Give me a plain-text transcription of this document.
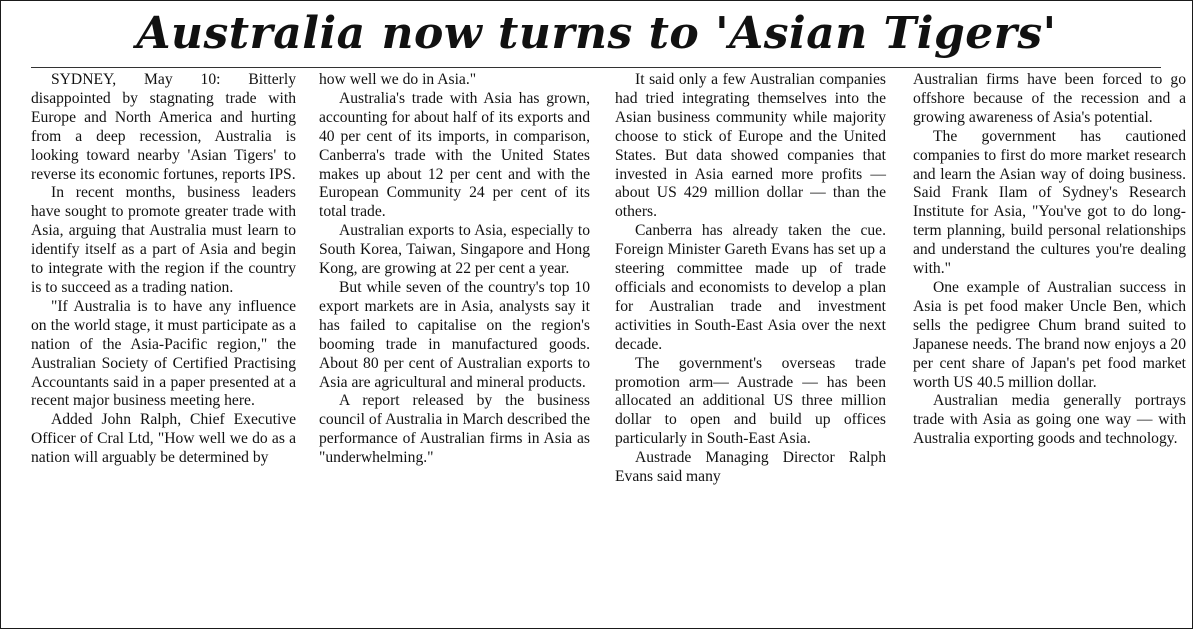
Australia now turns to 'Asian Tigers'

SYDNEY, May 10: Bitterly disappointed by stagnating trade with Europe and North America and hurting from a deep recession, Australia is looking toward nearby 'Asian Tigers' to reverse its economic fortunes, reports IPS.

In recent months, business leaders have sought to promote greater trade with Asia, arguing that Australia must learn to identify itself as a part of Asia and begin to integrate with the region if the country is to succeed as a trading nation.

"If Australia is to have any influence on the world stage, it must participate as a nation of the Asia-Pacific region," the Australian Society of Certified Practising Accountants said in a paper presented at a recent major business meeting here.

Added John Ralph, Chief Executive Officer of Cral Ltd, "How well we do as a nation will arguably be determined by

how well we do in Asia."

Australia's trade with Asia has grown, accounting for about half of its exports and 40 per cent of its imports, in comparison, Canberra's trade with the United States makes up about 12 per cent and with the European Community 24 per cent of its total trade.

Australian exports to Asia, especially to South Korea, Taiwan, Singapore and Hong Kong, are growing at 22 per cent a year.

But while seven of the country's top 10 export markets are in Asia, analysts say it has failed to capitalise on the region's booming trade in manufactured goods. About 80 per cent of Australian exports to Asia are agricultural and mineral products.

A report released by the business council of Australia in March described the performance of Australian firms in Asia as "underwhelming."

It said only a few Australian companies had tried integrating themselves into the Asian business community while majority choose to stick of Europe and the United States. But data showed companies that invested in Asia earned more profits — about US 429 million dollar — than the others.

Canberra has already taken the cue. Foreign Minister Gareth Evans has set up a steering committee made up of trade officials and economists to develop a plan for Australian trade and investment activities in South-East Asia over the next decade.

The government's overseas trade promotion arm— Austrade — has been allocated an additional US three million dollar to open and build up offices particularly in South-East Asia.

Austrade Managing Director Ralph Evans said many

Australian firms have been forced to go offshore because of the recession and a growing awareness of Asia's potential.

The government has cautioned companies to first do more market research and learn the Asian way of doing business. Said Frank Ilam of Sydney's Research Institute for Asia, "You've got to do long-term planning, build personal relationships and understand the cultures you're dealing with."

One example of Australian success in Asia is pet food maker Uncle Ben, which sells the pedigree Chum brand suited to Japanese needs. The brand now enjoys a 20 per cent share of Japan's pet food market worth US 40.5 million dollar.

Australian media generally portrays trade with Asia as going one way — with Australia exporting goods and technology.
